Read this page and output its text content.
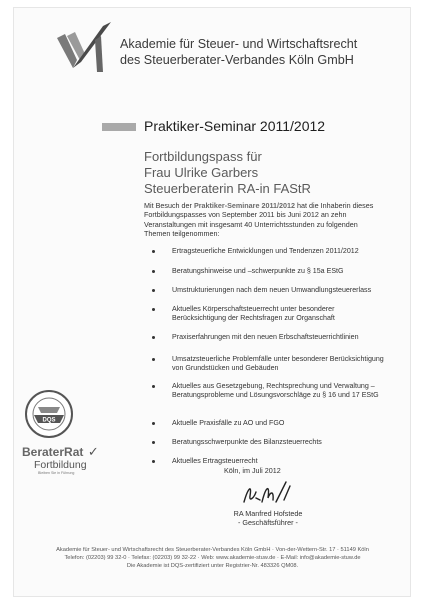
Akademie für Steuer- und Wirtschaftsrecht
des Steuerberater-Verbandes Köln GmbH
Praktiker-Seminar 2011/2012
Fortbildungspass für
Frau Ulrike Garbers
Steuerberaterin RA-in FAStR
Mit Besuch der Praktiker-Seminare 2011/2012 hat die Inhaberin dieses Fortbildungspasses von September 2011 bis Juni 2012 an zehn Veranstaltungen mit insgesamt 40 Unterrichtsstunden zu folgenden Themen teilgenommen:
Ertragsteuerliche Entwicklungen und Tendenzen 2011/2012
Beratungshinweise und –schwerpunkte zu § 15a EStG
Umstrukturierungen nach dem neuen Umwandlungsteuererlass
Aktuelles Körperschaftsteuerrecht unter besonderer Berücksichtigung der Rechtsfragen zur Organschaft
Praxiserfahrungen mit den neuen Erbschaftsteuerrichtlinien
Umsatzsteuerliche Problemfälle unter besonderer Berücksichtigung von Grundstücken und Gebäuden
Aktuelles aus Gesetzgebung, Rechtsprechung und Verwaltung – Beratungsprobleme und Lösungsvorschläge zu § 16 und 17 EStG
Aktuelle Praxisfälle zu AO und FGO
Beratungsschwerpunkte des Bilanzsteuerrechts
Aktuelles Ertragsteuerrecht
Köln, im Juli 2012
RA Manfred Hofstede
- Geschäftsführer -
DQS
BeraterRat ✓
Fortbildung
Bleiben Sie in Führung
Akademie für Steuer- und Wirtschaftsrecht des Steuerberater-Verbandes Köln GmbH · Von-der-Wettern-Str. 17 · 51149 Köln
Telefon: (02203) 99 32-0 · Telefax: (02203) 99 32-22 · Web: www.akademie-stuw.de · E-Mail: info@akademie-stuw.de
Die Akademie ist DQS-zertifiziert unter Registrier-Nr. 483326 QM08.
